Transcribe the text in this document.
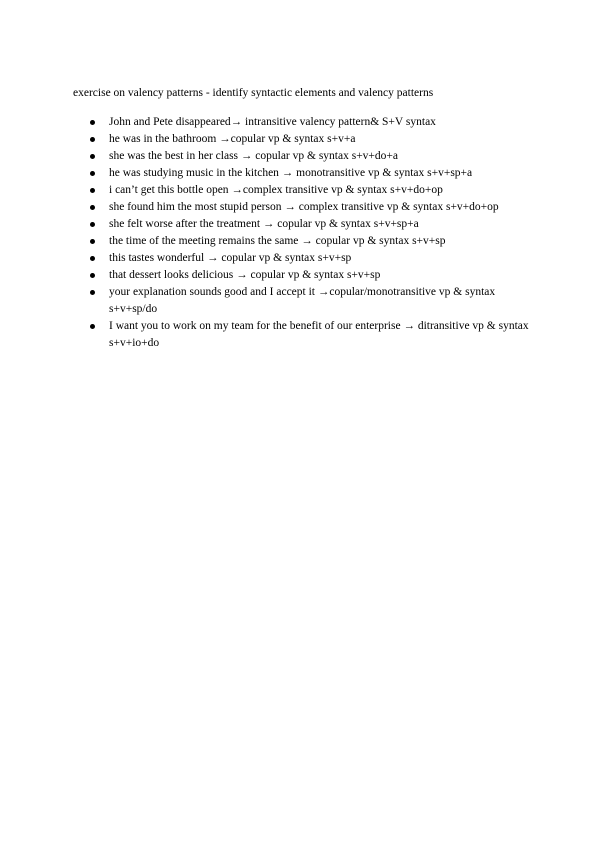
exercise on valency patterns - identify syntactic elements and valency patterns
John and Pete disappeared→ intransitive valency pattern& S+V syntax
he was in the bathroom →copular vp & syntax s+v+a
she was the best in her class → copular vp & syntax s+v+do+a
he was studying music in the kitchen → monotransitive vp & syntax s+v+sp+a
i can’t get this bottle open →complex transitive vp & syntax s+v+do+op
she found him the most stupid person → complex transitive vp & syntax s+v+do+op
she felt worse after the treatment → copular vp & syntax s+v+sp+a
the time of the meeting remains the same → copular vp & syntax s+v+sp
this tastes wonderful → copular vp & syntax s+v+sp
that dessert looks delicious → copular vp & syntax s+v+sp
your explanation sounds good and I accept it →copular/monotransitive vp & syntax s+v+sp/do
I want you to work on my team for the benefit of our enterprise → ditransitive vp & syntax s+v+io+do
